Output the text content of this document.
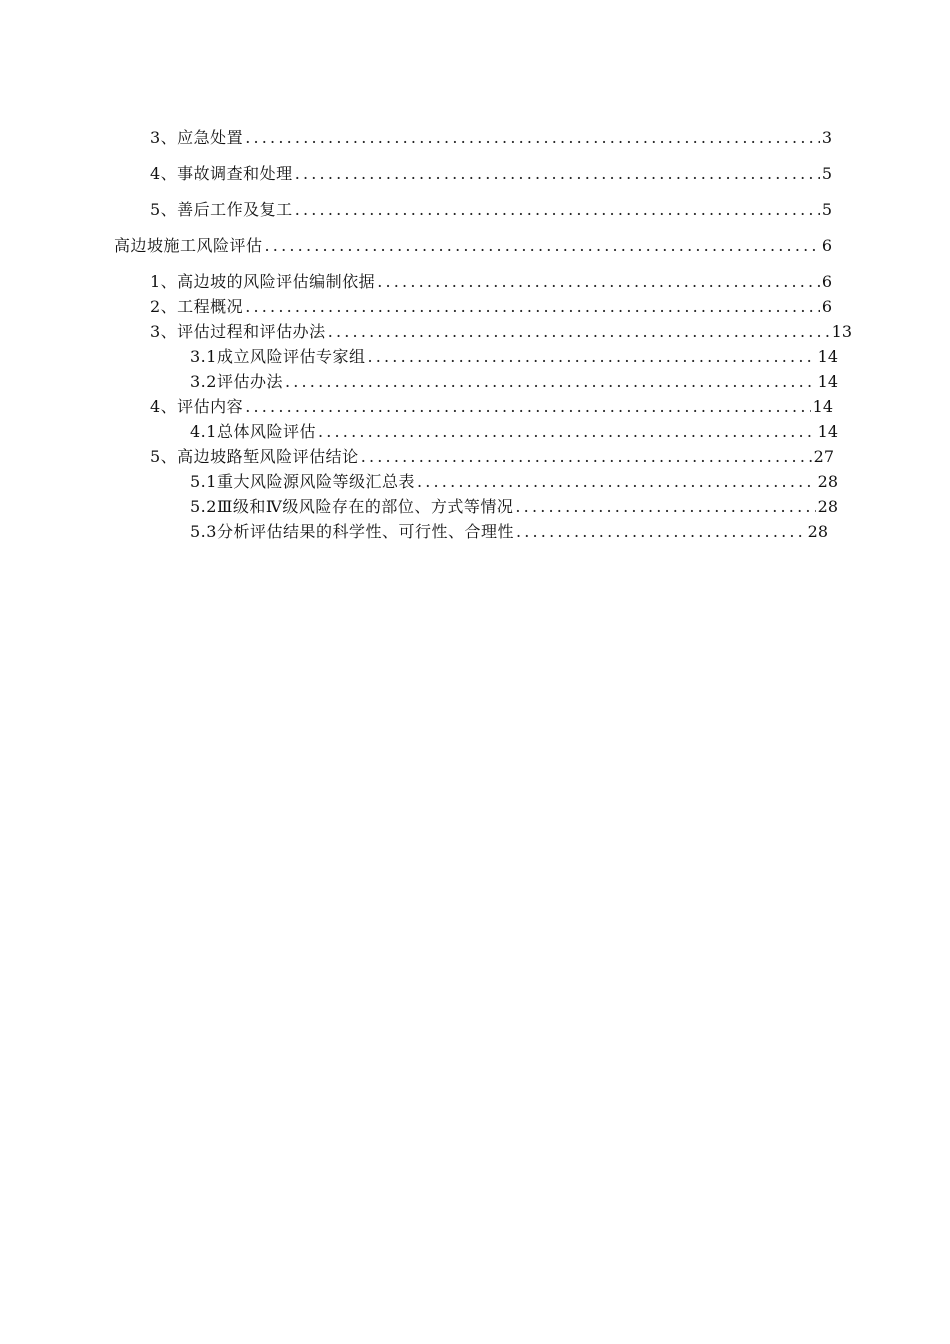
3、应急处置 .....	3
4、事故调查和处理 .....	5
5、善后工作及复工 .....	5
高边坡施工风险评估 .....	6
1、高边坡的风险评估编制依据 .....	6
2、工程概况 .....	6
3、评估过程和评估办法 .....	13
3.1成立风险评估专家组 .....	14
3.2评估办法 .....	14
4、评估内容 .....	14
4.1总体风险评估 .....	14
5、高边坡路堑风险评估结论 .....	27
5.1重大风险源风险等级汇总表 .....	28
5.2Ⅲ级和Ⅳ级风险存在的部位、方式等情况 .....	28
5.3分析评估结果的科学性、可行性、合理性 .....	28
